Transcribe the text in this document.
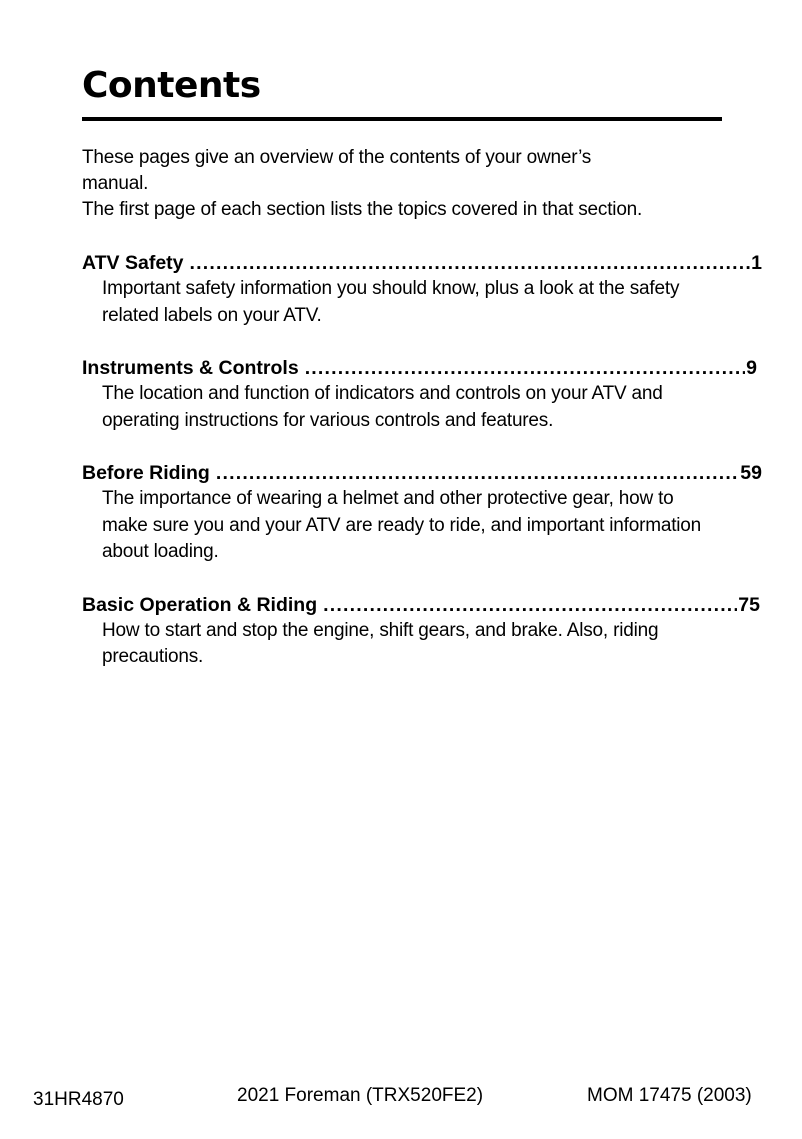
Contents

These pages give an overview of the contents of your owner’s manual.

The first page of each section lists the topics covered in that section.

ATV Safety .....	1

Important safety information you should know, plus a look at the safety related labels on your ATV.

Instruments & Controls .....	9

The location and function of indicators and controls on your ATV and operating instructions for various controls and features.

Before Riding .....	59

The importance of wearing a helmet and other protective gear, how to make sure you and your ATV are ready to ride, and important information about loading.

Basic Operation & Riding .....	75

How to start and stop the engine, shift gears, and brake. Also, riding precautions.

31HR4870	2021 Foreman (TRX520FE2)	MOM 17475 (2003)
